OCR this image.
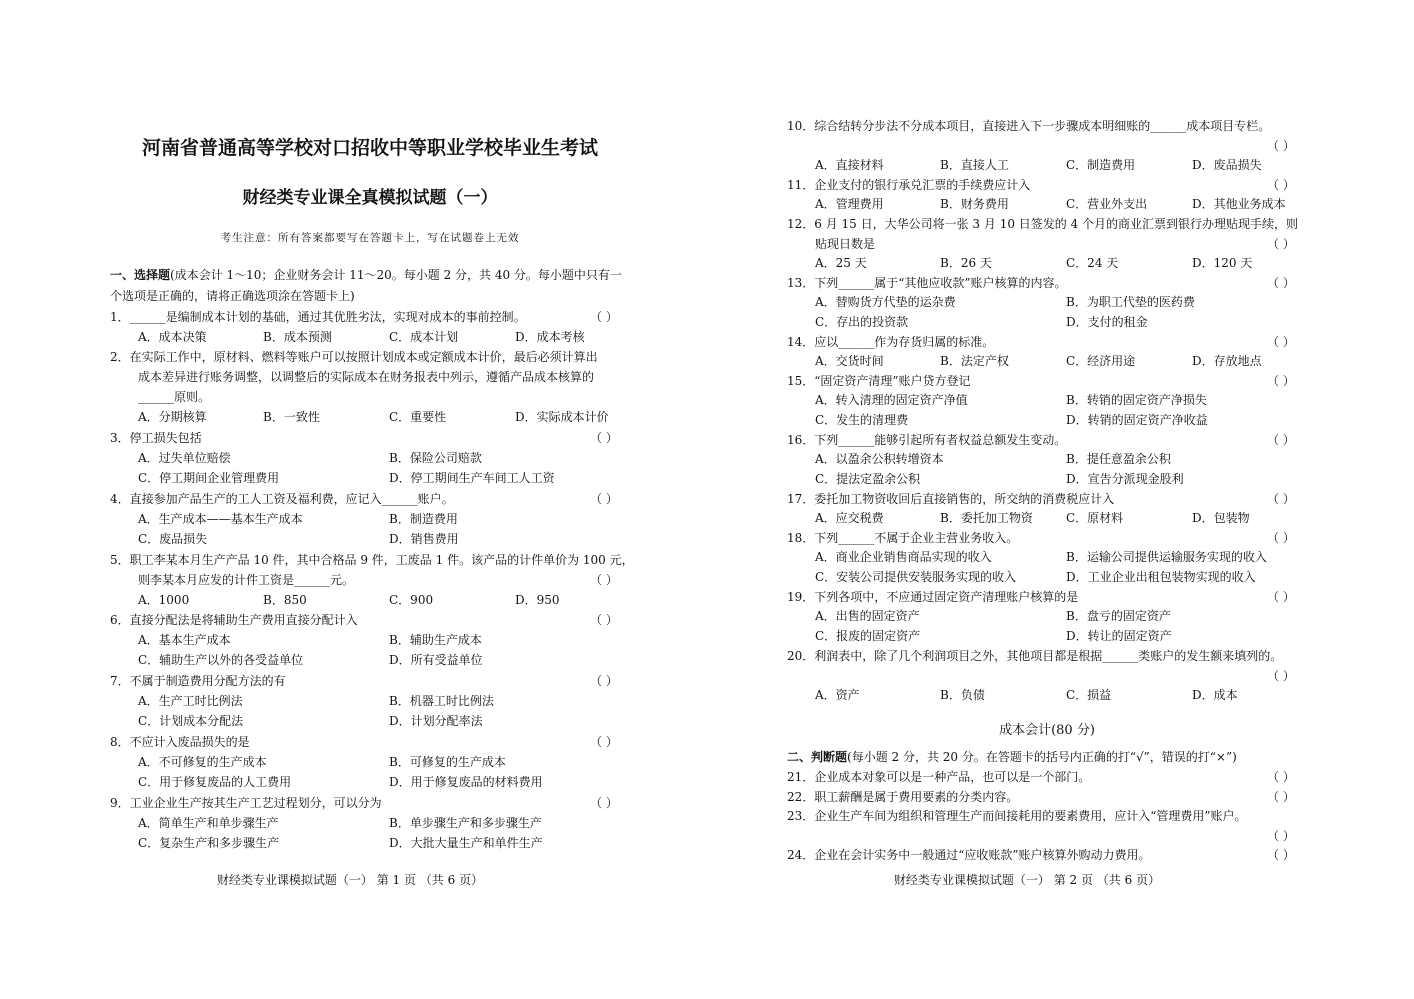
河南省普通高等学校对口招收中等职业学校毕业生考试
财经类专业课全真模拟试题（一）
考生注意：所有答案都要写在答题卡上，写在试题卷上无效
一、选择题(成本会计 1～10；企业财务会计 11～20。每小题 2 分，共 40 分。每小题中只有一
个选项是正确的，请将正确选项涂在答题卡上)
1．______是编制成本计划的基础，通过其优胜劣汰，实现对成本的事前控制。	（ ）
A．成本决策	B．成本预测	C．成本计划	D．成本考核
2．在实际工作中，原材料、燃料等账户可以按照计划成本或定额成本计价，最后必须计算出
成本差异进行账务调整，以调整后的实际成本在财务报表中列示，遵循产品成本核算的
______原则。
A．分期核算	B．一致性	C．重要性	D．实际成本计价
3．停工损失包括	（ ）
A．过失单位赔偿	B．保险公司赔款
C．停工期间企业管理费用	D．停工期间生产车间工人工资
4．直接参加产品生产的工人工资及福利费，应记入______账户。	（ ）
A．生产成本——基本生产成本	B．制造费用
C．废品损失	D．销售费用
5．职工李某本月生产产品 10 件，其中合格品 9 件，工废品 1 件。该产品的计件单价为 100 元，
则李某本月应发的计件工资是______元。	（ ）
A．1000	B．850	C．900	D．950
6．直接分配法是将辅助生产费用直接分配计入	（ ）
A．基本生产成本	B．辅助生产成本
C．辅助生产以外的各受益单位	D．所有受益单位
7．不属于制造费用分配方法的有	（ ）
A．生产工时比例法	B．机器工时比例法
C．计划成本分配法	D．计划分配率法
8．不应计入废品损失的是	（ ）
A．不可修复的生产成本	B．可修复的生产成本
C．用于修复废品的人工费用	D．用于修复废品的材料费用
9．工业企业生产按其生产工艺过程划分，可以分为	（ ）
A．简单生产和单步骤生产	B．单步骤生产和多步骤生产
C．复杂生产和多步骤生产	D．大批大量生产和单件生产
财经类专业课模拟试题（一） 第 1 页 （共 6 页）
10．综合结转分步法不分成本项目，直接进入下一步骤成本明细账的______成本项目专栏。
（ ）
A．直接材料	B．直接人工	C．制造费用	D．废品损失
11．企业支付的银行承兑汇票的手续费应计入	（ ）
A．管理费用	B．财务费用	C．营业外支出	D．其他业务成本
12．6 月 15 日，大华公司将一张 3 月 10 日签发的 4 个月的商业汇票到银行办理贴现手续，则
贴现日数是	（ ）
A．25 天	B．26 天	C．24 天	D．120 天
13．下列______属于“其他应收款”账户核算的内容。	（ ）
A．替购货方代垫的运杂费	B．为职工代垫的医药费
C．存出的投资款	D．支付的租金
14．应以______作为存货归属的标准。	（ ）
A．交货时间	B．法定产权	C．经济用途	D．存放地点
15．“固定资产清理”账户贷方登记	（ ）
A．转入清理的固定资产净值	B．转销的固定资产净损失
C．发生的清理费	D．转销的固定资产净收益
16．下列______能够引起所有者权益总额发生变动。	（ ）
A．以盈余公积转增资本	B．提任意盈余公积
C．提法定盈余公积	D．宣告分派现金股利
17．委托加工物资收回后直接销售的，所交纳的消费税应计入	（ ）
A．应交税费	B．委托加工物资	C．原材料	D．包装物
18．下列______不属于企业主营业务收入。	（ ）
A．商业企业销售商品实现的收入	B．运输公司提供运输服务实现的收入
C．安装公司提供安装服务实现的收入	D．工业企业出租包装物实现的收入
19．下列各项中，不应通过固定资产清理账户核算的是	（ ）
A．出售的固定资产	B．盘亏的固定资产
C．报废的固定资产	D．转让的固定资产
20．利润表中，除了几个利润项目之外，其他项目都是根据______类账户的发生额来填列的。
（ ）
A．资产	B．负债	C．损益	D．成本
成本会计(80 分)
二、判断题(每小题 2 分，共 20 分。在答题卡的括号内正确的打“√”，错误的打“×”)
21．企业成本对象可以是一种产品，也可以是一个部门。	（ ）
22．职工薪酬是属于费用要素的分类内容。	（ ）
23．企业生产车间为组织和管理生产而间接耗用的要素费用，应计入“管理费用”账户。
（ ）
24．企业在会计实务中一般通过“应收账款”账户核算外购动力费用。	（ ）
财经类专业课模拟试题（一） 第 2 页 （共 6 页）
